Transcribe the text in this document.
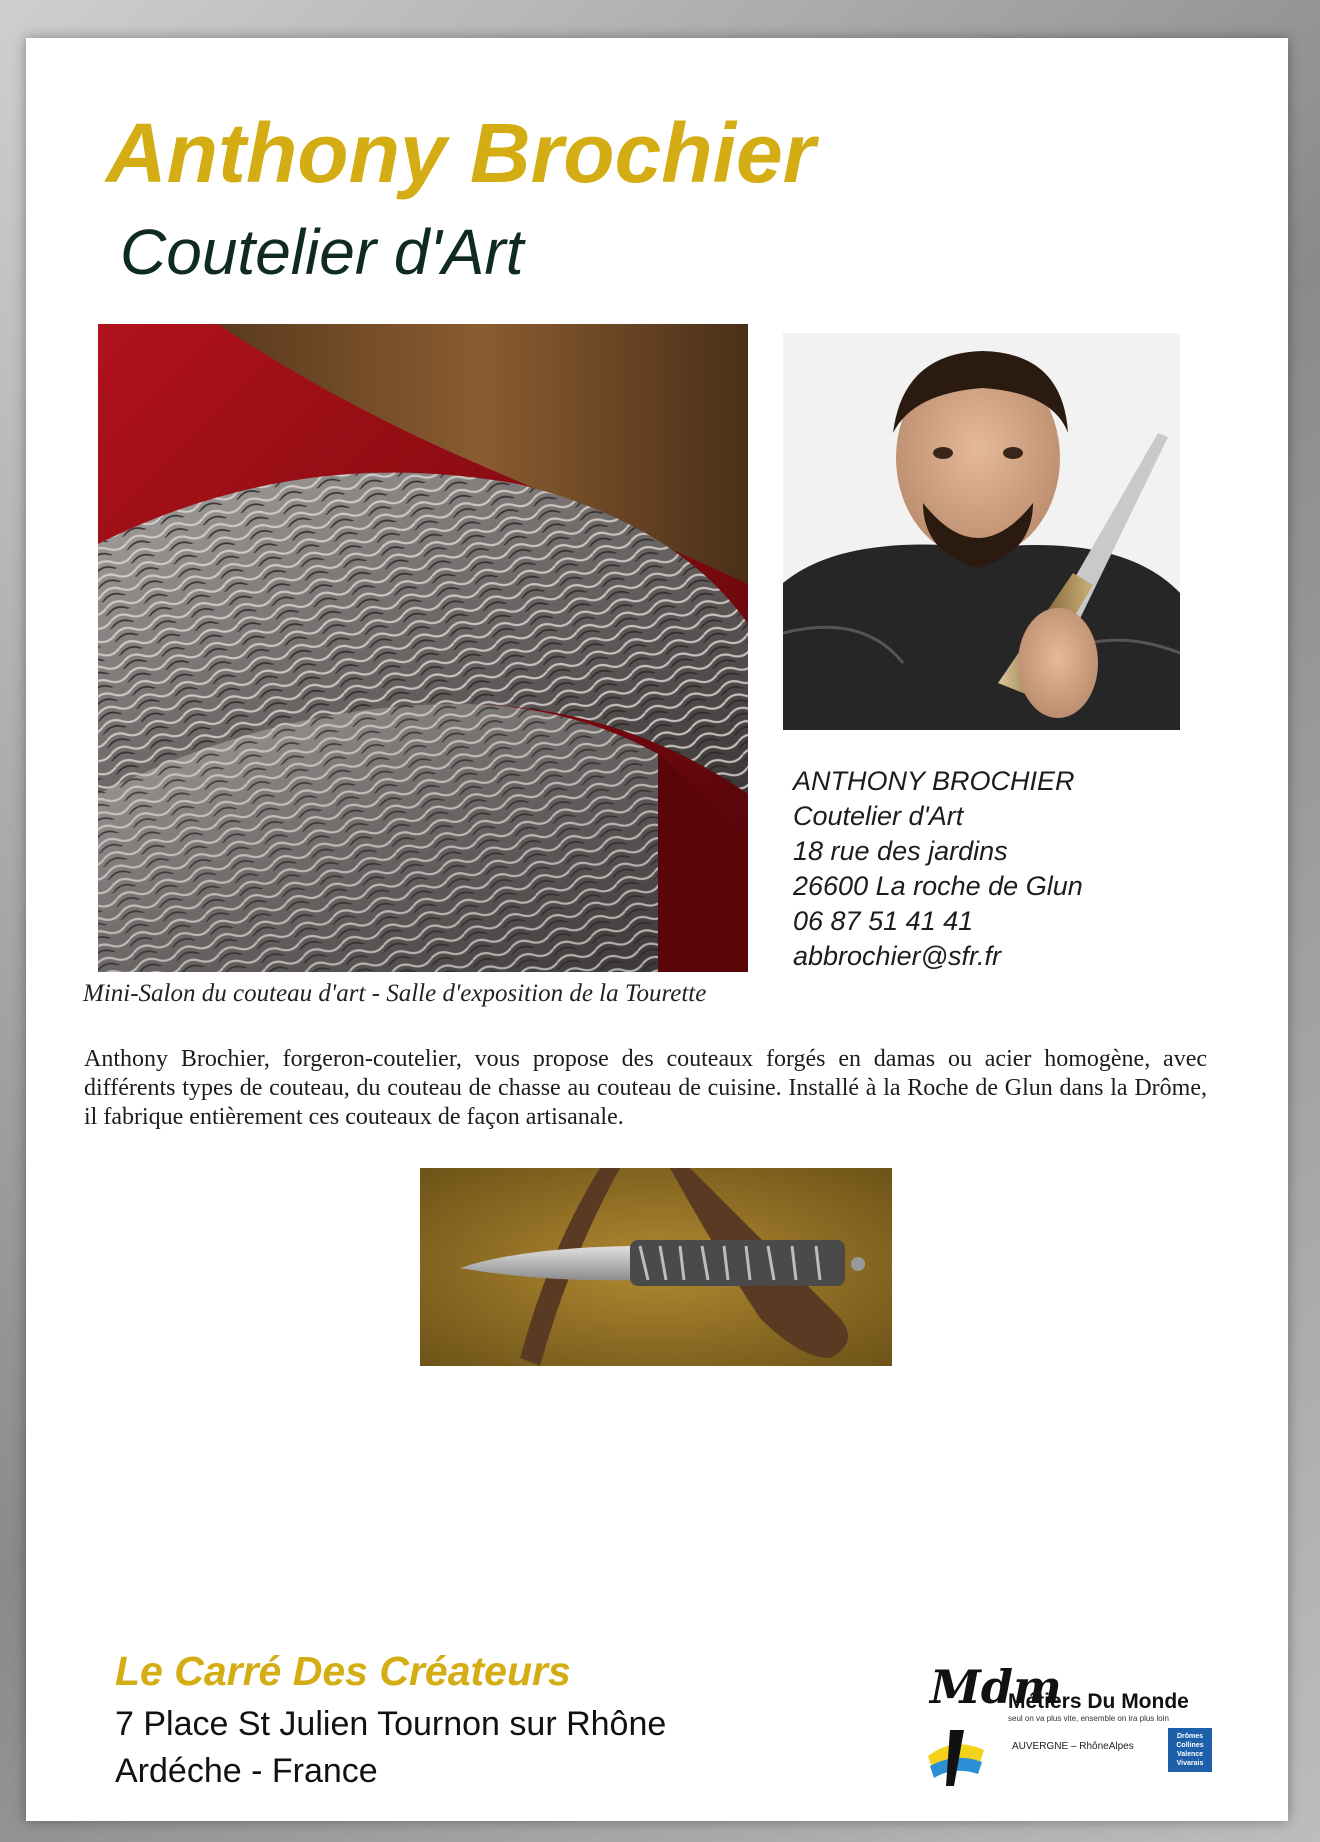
Anthony Brochier
Coutelier d'Art
Mini-Salon du couteau d'art - Salle d'exposition de la Tourette
ANTHONY BROCHIER
Coutelier d'Art
18 rue des jardins
26600 La roche de Glun
06 87 51 41 41
abbrochier@sfr.fr
Anthony Brochier, forgeron-coutelier, vous propose des couteaux forgés en damas ou acier homogène, avec différents types de couteau, du couteau de chasse au couteau de cuisine. Installé à la Roche de Glun dans la Drôme, il fabrique entièrement ces couteaux de façon artisanale.
Le Carré Des Créateurs
7 Place St Julien Tournon sur Rhône
Ardéche - France
Mdm
Métiers Du Monde
seul on va plus vite, ensemble on ira plus loin
AUVERGNE – RhôneAlpes
Drômes
Collines
Valence
Vivarais
